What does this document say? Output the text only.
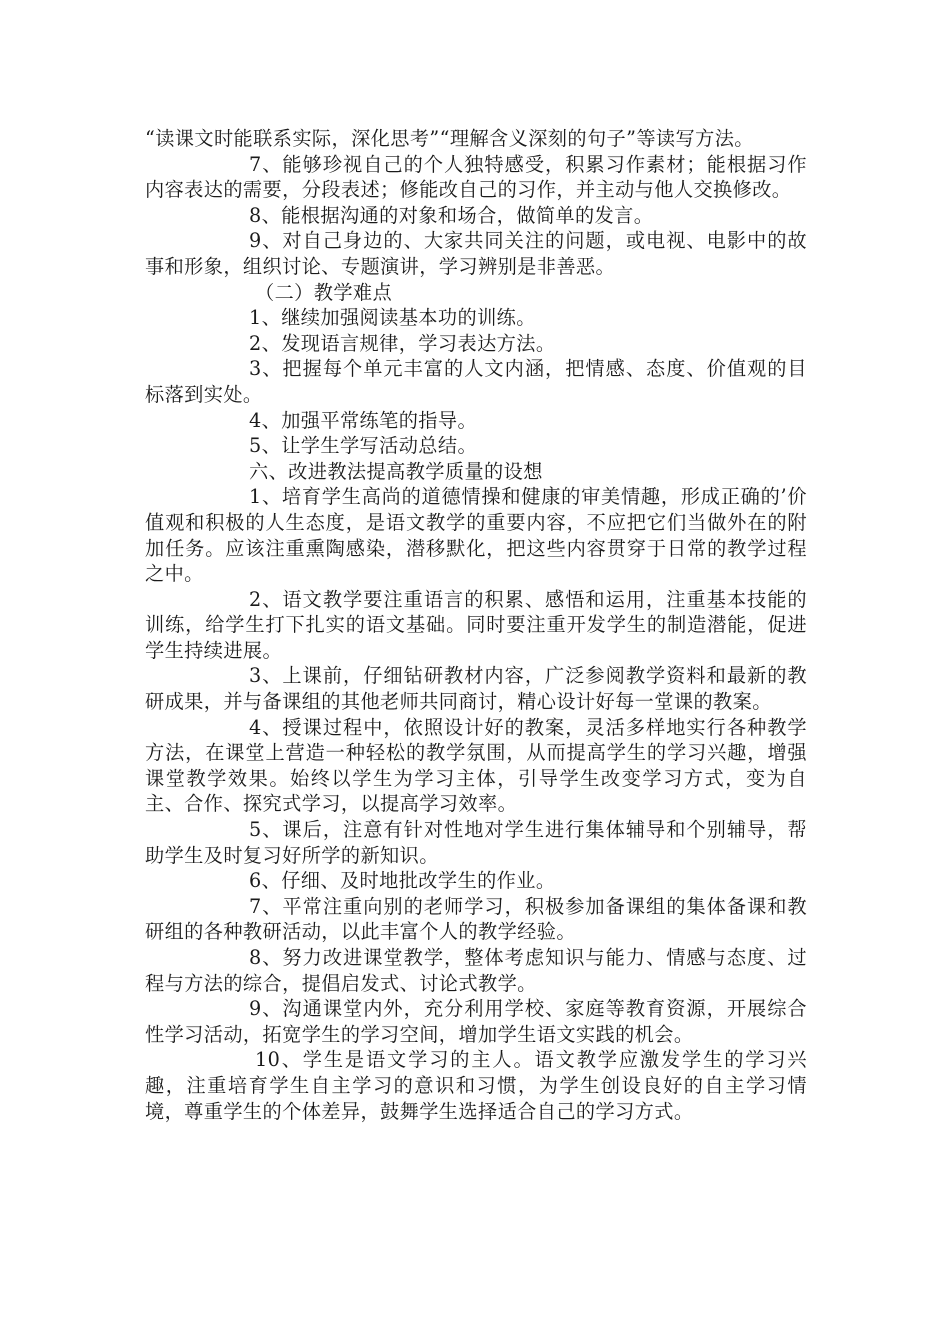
“读课文时能联系实际，深化思考”“理解含义深刻的句子”等读写方法。

7、能够珍视自己的个人独特感受，积累习作素材；能根据习作内容表达的需要，分段表述；修能改自己的习作，并主动与他人交换修改。

8、能根据沟通的对象和场合，做简单的发言。

9、对自己身边的、大家共同关注的问题，或电视、电影中的故事和形象，组织讨论、专题演讲，学习辨别是非善恶。

（二）教学难点

1、继续加强阅读基本功的训练。

2、发现语言规律，学习表达方法。

3、把握每个单元丰富的人文内涵，把情感、态度、价值观的目标落到实处。

4、加强平常练笔的指导。

5、让学生学写活动总结。

六、改进教法提高教学质量的设想

1、培育学生高尚的道德情操和健康的审美情趣，形成正确的’价值观和积极的人生态度，是语文教学的重要内容，不应把它们当做外在的附加任务。应该注重熏陶感染，潜移默化，把这些内容贯穿于日常的教学过程之中。

2、语文教学要注重语言的积累、感悟和运用，注重基本技能的训练，给学生打下扎实的语文基础。同时要注重开发学生的制造潜能，促进学生持续进展。

3、上课前，仔细钻研教材内容，广泛参阅教学资料和最新的教研成果，并与备课组的其他老师共同商讨，精心设计好每一堂课的教案。

4、授课过程中，依照设计好的教案，灵活多样地实行各种教学方法，在课堂上营造一种轻松的教学氛围，从而提高学生的学习兴趣，增强课堂教学效果。始终以学生为学习主体，引导学生改变学习方式，变为自主、合作、探究式学习，以提高学习效率。

5、课后，注意有针对性地对学生进行集体辅导和个别辅导，帮助学生及时复习好所学的新知识。

6、仔细、及时地批改学生的作业。

7、平常注重向别的老师学习，积极参加备课组的集体备课和教研组的各种教研活动，以此丰富个人的教学经验。

8、努力改进课堂教学，整体考虑知识与能力、情感与态度、过程与方法的综合，提倡启发式、讨论式教学。

9、沟通课堂内外，充分利用学校、家庭等教育资源，开展综合性学习活动，拓宽学生的学习空间，增加学生语文实践的机会。

10、学生是语文学习的主人。语文教学应激发学生的学习兴趣，注重培育学生自主学习的意识和习惯，为学生创设良好的自主学习情境，尊重学生的个体差异，鼓舞学生选择适合自己的学习方式。
